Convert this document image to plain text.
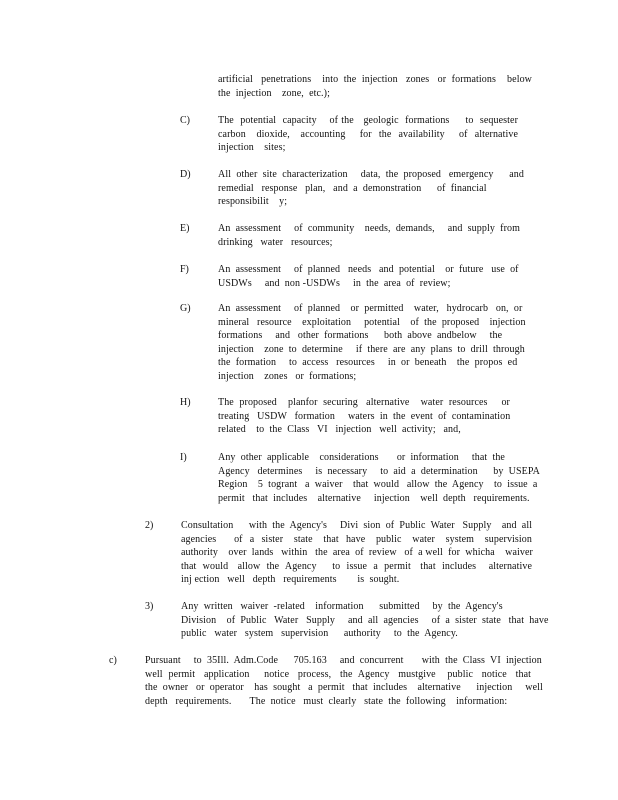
artificial   penetrations    into  the  injection   zones   or  formations    below
the  injection    zone,  etc.);
C)	The  potential  capacity    of the   geologic  formations     to  sequester
carbon   dioxide,   accounting    for  the  availability    of  alternative
injection    sites;
D)	All  other  site  characterization     data,  the  proposed   emergency      and
remedial   response   plan,   and  a  demonstration      of  financial
responsibilit    y;
E)	An  assessment     of  community    needs,  demands,     and  supply  from
drinking   water   resources;
F)	An  assessment     of  planned   needs   and  potential    or  future   use  of
USDWs     and  non -USDWs     in  the  area  of  review;
G)	An  assessment     of  planned    or  permitted    water,   hydrocarb   on,  or
mineral   resource    exploitation     potential    of  the  proposed    injection
formations     and   other  formations      both  above  andbelow     the
injection    zone  to  determine     if  there  are  any  plans  to  drill  through
the  formation     to  access   resources     in  or  beneath    the  propos  ed
injection    zones   or  formations;
H)	The  proposed    planfor  securing   alternative    water  resources     or
treating   USDW   formation     waters  in  the  event  of  contamination
related    to  the  Class   VI   injection   well  activity;   and,
I)	Any  other  applicable    considerations       or  information     that  the
Agency   determines     is  necessary     to  aid  a  determination      by  USEPA
Region    5  togrant   a  waiver    that  would   allow  the  Agency    to  issue  a
permit   that  includes    alternative     injection    well  depth   requirements.
2)	Consultation      with  the  Agency's     Divi  sion  of  Public  Water   Supply    and  all
agencies     of  a  sister   state   that  have   public   water   system   supervision
authority    over  lands   within   the  area  of  review   of  a well  for  whicha    waiver
that  would   allow  the  Agency     to  issue  a  permit   that  includes    alternative
inj ection   well   depth   requirements        is  sought.
3)	Any  written   waiver  -related    information      submitted     by  the  Agency's
Division    of  Public   Water   Supply     and  all  agencies     of  a  sister  state   that  have
public   water   system   supervision      authority     to  the  Agency.
c)	Pursuant     to  35Ill.  Adm.Code      705.163     and  concurrent       with  the  Class  VI  injection
well  permit   application     notice   process,   the  Agency   mustgive    public   notice   that
the  owner   or  operator    has  sought   a  permit   that  includes    alternative      injection     well
depth   requirements.       The  notice   must  clearly   state  the  following    information:
